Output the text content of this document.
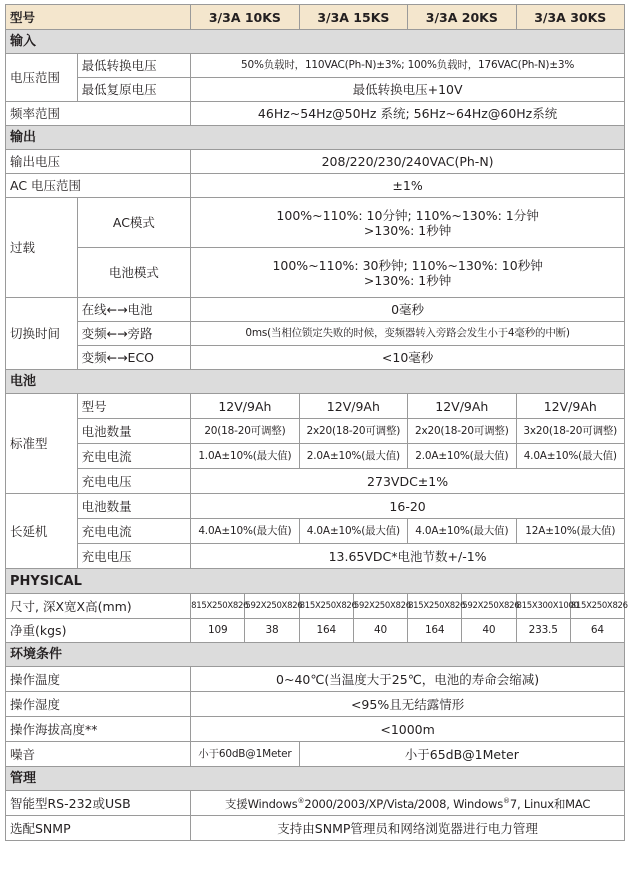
型号		3/3A 10KS		3/3A 15KS		3/3A 20KS		3/3A 30KS	
输入									
电压范围	最低转换电压	50%负载时，110VAC(Ph-N)±3%; 100%负载时，176VAC(Ph-N)±3%							
	最低复原电压	最低转换电压+10V							
频率范围		46Hz~54Hz@50Hz 系统; 56Hz~64Hz@60Hz系统							
输出									
输出电压		208/220/230/240VAC(Ph-N)							
AC 电压范围		±1%							
过载	AC模式	100%~110%: 10分钟; 110%~130%: 1分钟
>130%: 1秒钟							

	电池模式	100%~110%: 30秒钟; 110%~130%: 10秒钟
>130%: 1秒钟							

切换时间	在线←→电池	0毫秒							
	变频←→旁路	0ms(当相位锁定失败的时候，变频器转入旁路会发生小于4毫秒的中断)							
	变频←→ECO	<10毫秒							
电池									
标准型	型号	12V/9Ah		12V/9Ah		12V/9Ah		12V/9Ah	
	电池数量	20(18-20可调整)		2x20(18-20可调整)		2x20(18-20可调整)		3x20(18-20可调整)	
	充电电流	1.0A±10%(最大值)		2.0A±10%(最大值)		2.0A±10%(最大值)		4.0A±10%(最大值)	
	充电电压	273VDC±1%							
长延机	电池数量	16-20							
	充电电流	4.0A±10%(最大值)		4.0A±10%(最大值)		4.0A±10%(最大值)		12A±10%(最大值)	
	充电电压	13.65VDC*电池节数+/-1%							
PHYSICAL									
尺寸, 深X宽X高(mm)		815X250X826	592X250X826	815X250X826	592X250X826	815X250X826	592X250X826	815X300X1000	815X250X826
净重(kgs)		109	38	164	40	164	40	233.5	64
环境条件									
操作温度		0~40℃(当温度大于25℃，电池的寿命会缩减)							
操作湿度		<95%且无结露情形							
操作海拔高度**		<1000m							
噪音		小于60dB@1Meter		小于65dB@1Meter					
管理									
智能型RS-232或USB		支援Windows®2000/2003/XP/Vista/2008, Windows®7, Linux和MAC							
选配SNMP		支持由SNMP管理员和网络浏览器进行电力管理							
